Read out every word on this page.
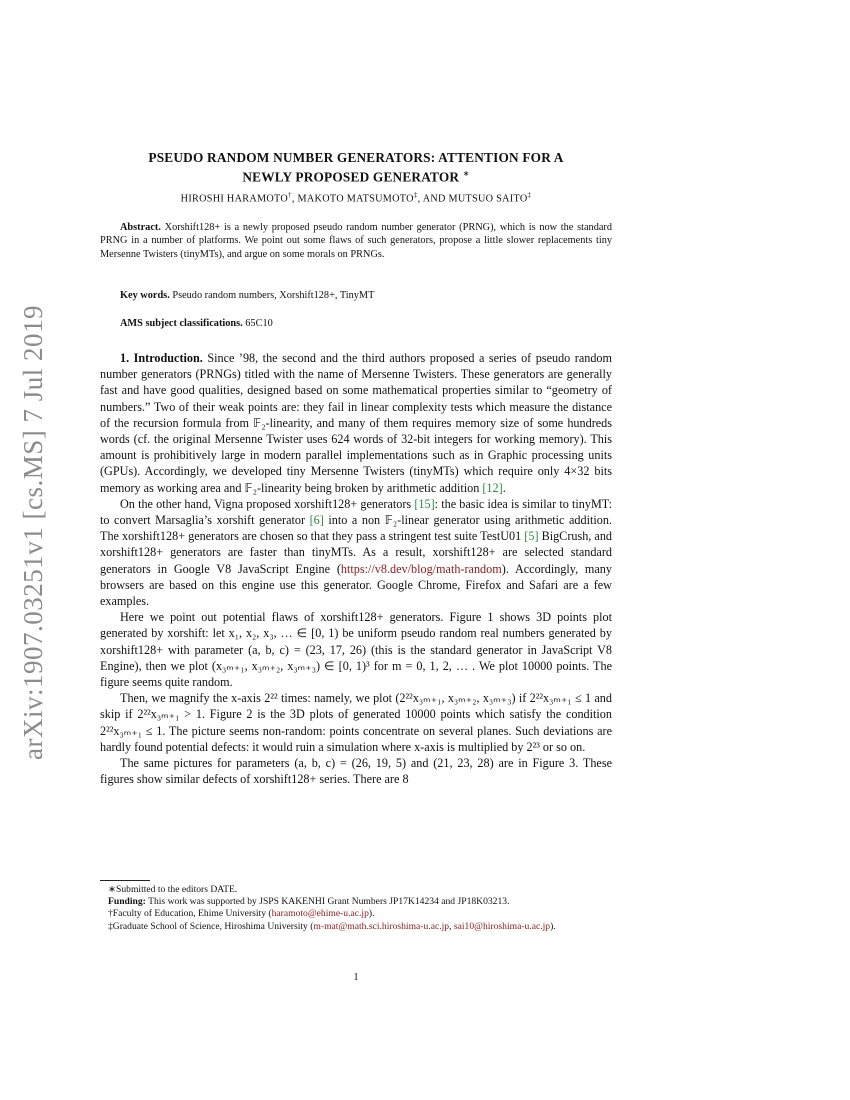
arXiv:1907.03251v1 [cs.MS] 7 Jul 2019
PSEUDO RANDOM NUMBER GENERATORS: ATTENTION FOR A
NEWLY PROPOSED GENERATOR ∗
HIROSHI HARAMOTO†, MAKOTO MATSUMOTO‡, AND MUTSUO SAITO‡
Abstract. Xorshift128+ is a newly proposed pseudo random number generator (PRNG), which is now the standard PRNG in a number of platforms. We point out some flaws of such generators, propose a little slower replacements tiny Mersenne Twisters (tinyMTs), and argue on some morals on PRNGs.
Key words. Pseudo random numbers, Xorshift128+, TinyMT
AMS subject classifications. 65C10

1. Introduction. Since ’98, the second and the third authors proposed a series of pseudo random number generators (PRNGs) titled with the name of Mersenne Twisters. These generators are generally fast and have good qualities, designed based on some mathematical properties similar to “geometry of numbers.” Two of their weak points are: they fail in linear complexity tests which measure the distance of the recursion formula from 𝔽₂-linearity, and many of them requires memory size of some hundreds words (cf. the original Mersenne Twister uses 624 words of 32-bit integers for working memory). This amount is prohibitively large in modern parallel implementations such as in Graphic processing units (GPUs). Accordingly, we developed tiny Mersenne Twisters (tinyMTs) which require only 4×32 bits memory as working area and 𝔽₂-linearity being broken by arithmetic addition [12].

On the other hand, Vigna proposed xorshift128+ generators [15]: the basic idea is similar to tinyMT: to convert Marsaglia’s xorshift generator [6] into a non 𝔽₂-linear generator using arithmetic addition. The xorshift128+ generators are chosen so that they pass a stringent test suite TestU01 [5] BigCrush, and xorshift128+ generators are faster than tinyMTs. As a result, xorshift128+ are selected standard generators in Google V8 JavaScript Engine (https://v8.dev/blog/math-random). Accordingly, many browsers are based on this engine use this generator. Google Chrome, Firefox and Safari are a few examples.

Here we point out potential flaws of xorshift128+ generators. Figure 1 shows 3D points plot generated by xorshift: let x₁, x₂, x₃, … ∈ [0, 1) be uniform pseudo random real numbers generated by xorshift128+ with parameter (a, b, c) = (23, 17, 26) (this is the standard generator in JavaScript V8 Engine), then we plot (x₃ₘ₊₁, x₃ₘ₊₂, x₃ₘ₊₃) ∈ [0, 1)³ for m = 0, 1, 2, … . We plot 10000 points. The figure seems quite random.

Then, we magnify the x-axis 2²² times: namely, we plot (2²²x₃ₘ₊₁, x₃ₘ₊₂, x₃ₘ₊₃) if 2²²x₃ₘ₊₁ ≤ 1 and skip if 2²²x₃ₘ₊₁ > 1. Figure 2 is the 3D plots of generated 10000 points which satisfy the condition 2²²x₃ₘ₊₁ ≤ 1. The picture seems non-random: points concentrate on several planes. Such deviations are hardly found potential defects: it would ruin a simulation where x-axis is multiplied by 2²³ or so on.

The same pictures for parameters (a, b, c) = (26, 19, 5) and (21, 23, 28) are in Figure 3. These figures show similar defects of xorshift128+ series. There are 8

∗Submitted to the editors DATE.

Funding: This work was supported by JSPS KAKENHI Grant Numbers JP17K14234 and JP18K03213.

†Faculty of Education, Ehime University (haramoto@ehime-u.ac.jp).

‡Graduate School of Science, Hiroshima University (m-mat@math.sci.hiroshima-u.ac.jp, sai10@hiroshima-u.ac.jp).

1
